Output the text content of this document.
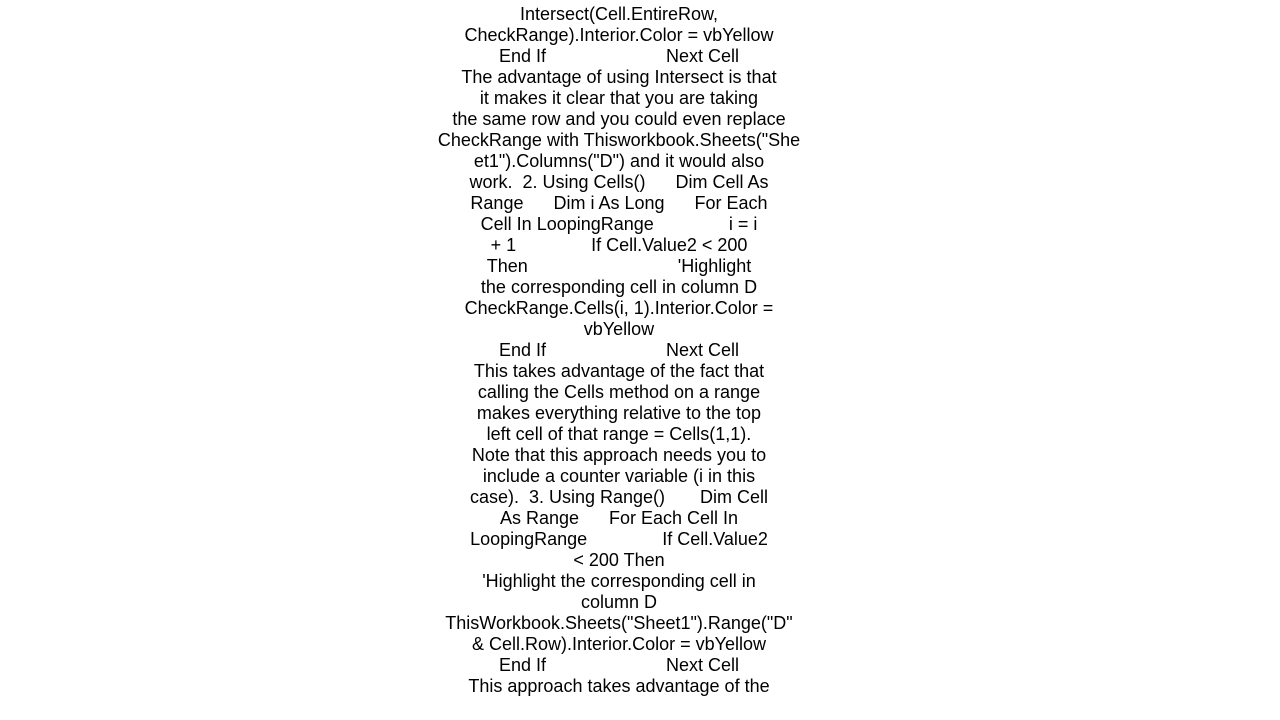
Intersect(Cell.EntireRow,
CheckRange).Interior.Color = vbYellow
End If                        Next Cell
The advantage of using Intersect is that
it makes it clear that you are taking
the same row and you could even replace
CheckRange with Thisworkbook.Sheets("She
et1").Columns("D") and it would also
work.  2. Using Cells()      Dim Cell As
Range      Dim i As Long      For Each
Cell In LoopingRange               i = i
+ 1               If Cell.Value2 < 200
Then                              'Highlight
the corresponding cell in column D
CheckRange.Cells(i, 1).Interior.Color =
vbYellow
End If                        Next Cell
This takes advantage of the fact that
calling the Cells method on a range
makes everything relative to the top
left cell of that range = Cells(1,1).
Note that this approach needs you to
include a counter variable (i in this
case).  3. Using Range()       Dim Cell
As Range      For Each Cell In
LoopingRange               If Cell.Value2
< 200 Then
'Highlight the corresponding cell in
column D
ThisWorkbook.Sheets("Sheet1").Range("D"
& Cell.Row).Interior.Color = vbYellow
End If                        Next Cell
This approach takes advantage of the
